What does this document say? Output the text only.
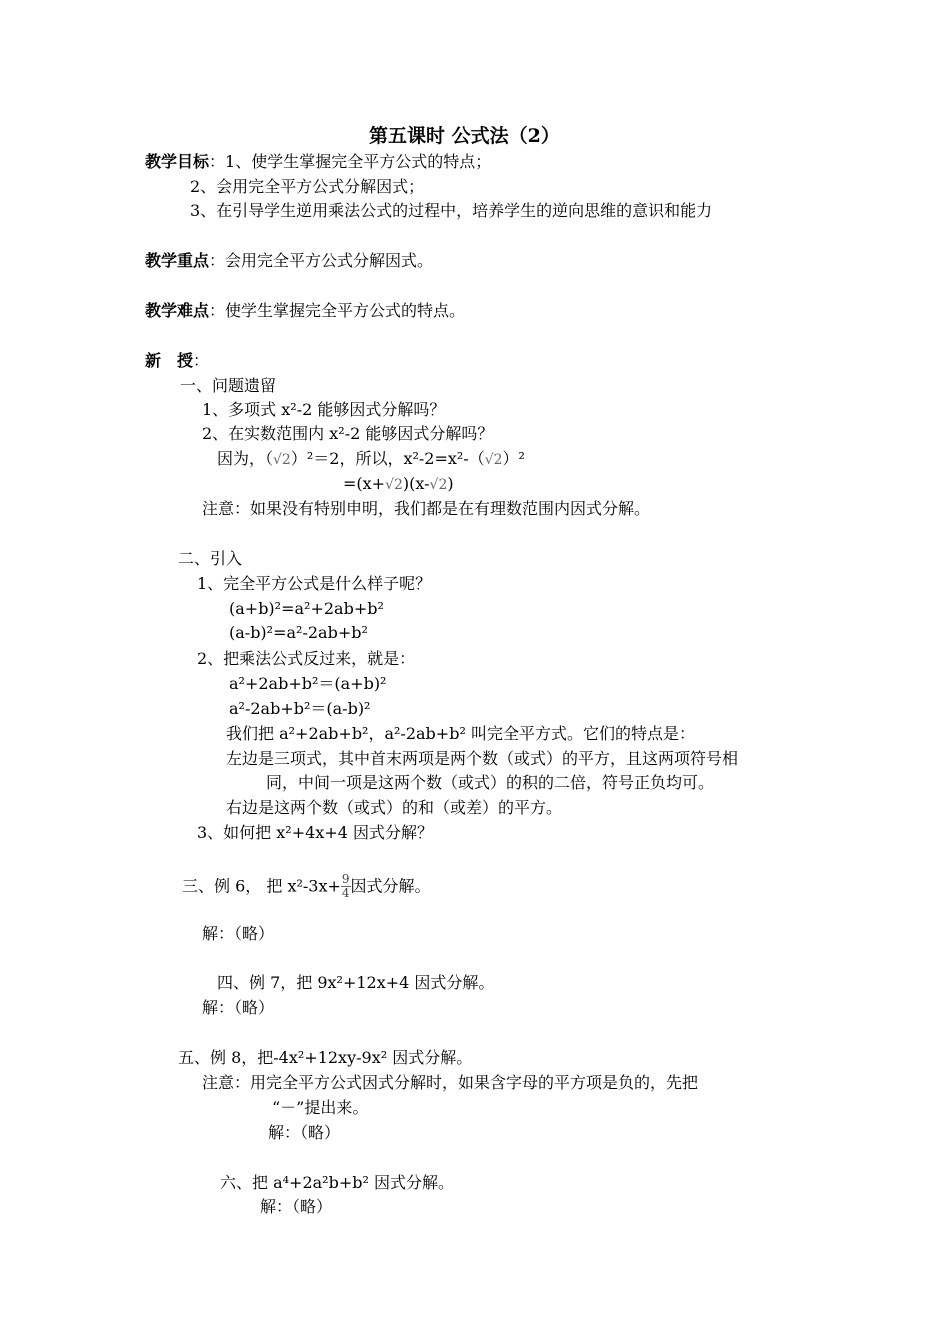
第五课时 公式法（2）
教学目标：1、使学生掌握完全平方公式的特点；
2、会用完全平方公式分解因式；
3、在引导学生逆用乘法公式的过程中，培养学生的逆向思维的意识和能力
教学重点：会用完全平方公式分解因式。
教学难点：使学生掌握完全平方公式的特点。
新　授：
一、问题遗留
1、多项式 x²-2 能够因式分解吗？
2、在实数范围内 x²-2 能够因式分解吗？
因为，（√2）²＝2，所以，x²-2=x²-（√2）²
=(x+√2)(x-√2)
注意：如果没有特别申明，我们都是在有理数范围内因式分解。
二、引入
1、完全平方公式是什么样子呢？
(a+b)²=a²+2ab+b²
(a-b)²=a²-2ab+b²
2、把乘法公式反过来，就是：
a²+2ab+b²＝(a+b)²
a²-2ab+b²＝(a-b)²
我们把 a²+2ab+b²，a²-2ab+b² 叫完全平方式。它们的特点是：
左边是三项式，其中首末两项是两个数（或式）的平方，且这两项符号相
同，中间一项是这两个数（或式）的积的二倍，符号正负均可。
右边是这两个数（或式）的和（或差）的平方。
3、如何把 x²+4x+4 因式分解？
三、例 6， 把 $x^2-3x+ \frac{9}{4}$ 因式分解。
解：（略）
四、例 7，把 9x²+12x+4 因式分解。
解：（略）
五、例 8，把-4x²+12xy-9x² 因式分解。
注意：用完全平方公式因式分解时，如果含字母的平方项是负的，先把
“－”提出来。
解：（略）
六、把 a⁴+2a²b+b² 因式分解。
解：（略）
